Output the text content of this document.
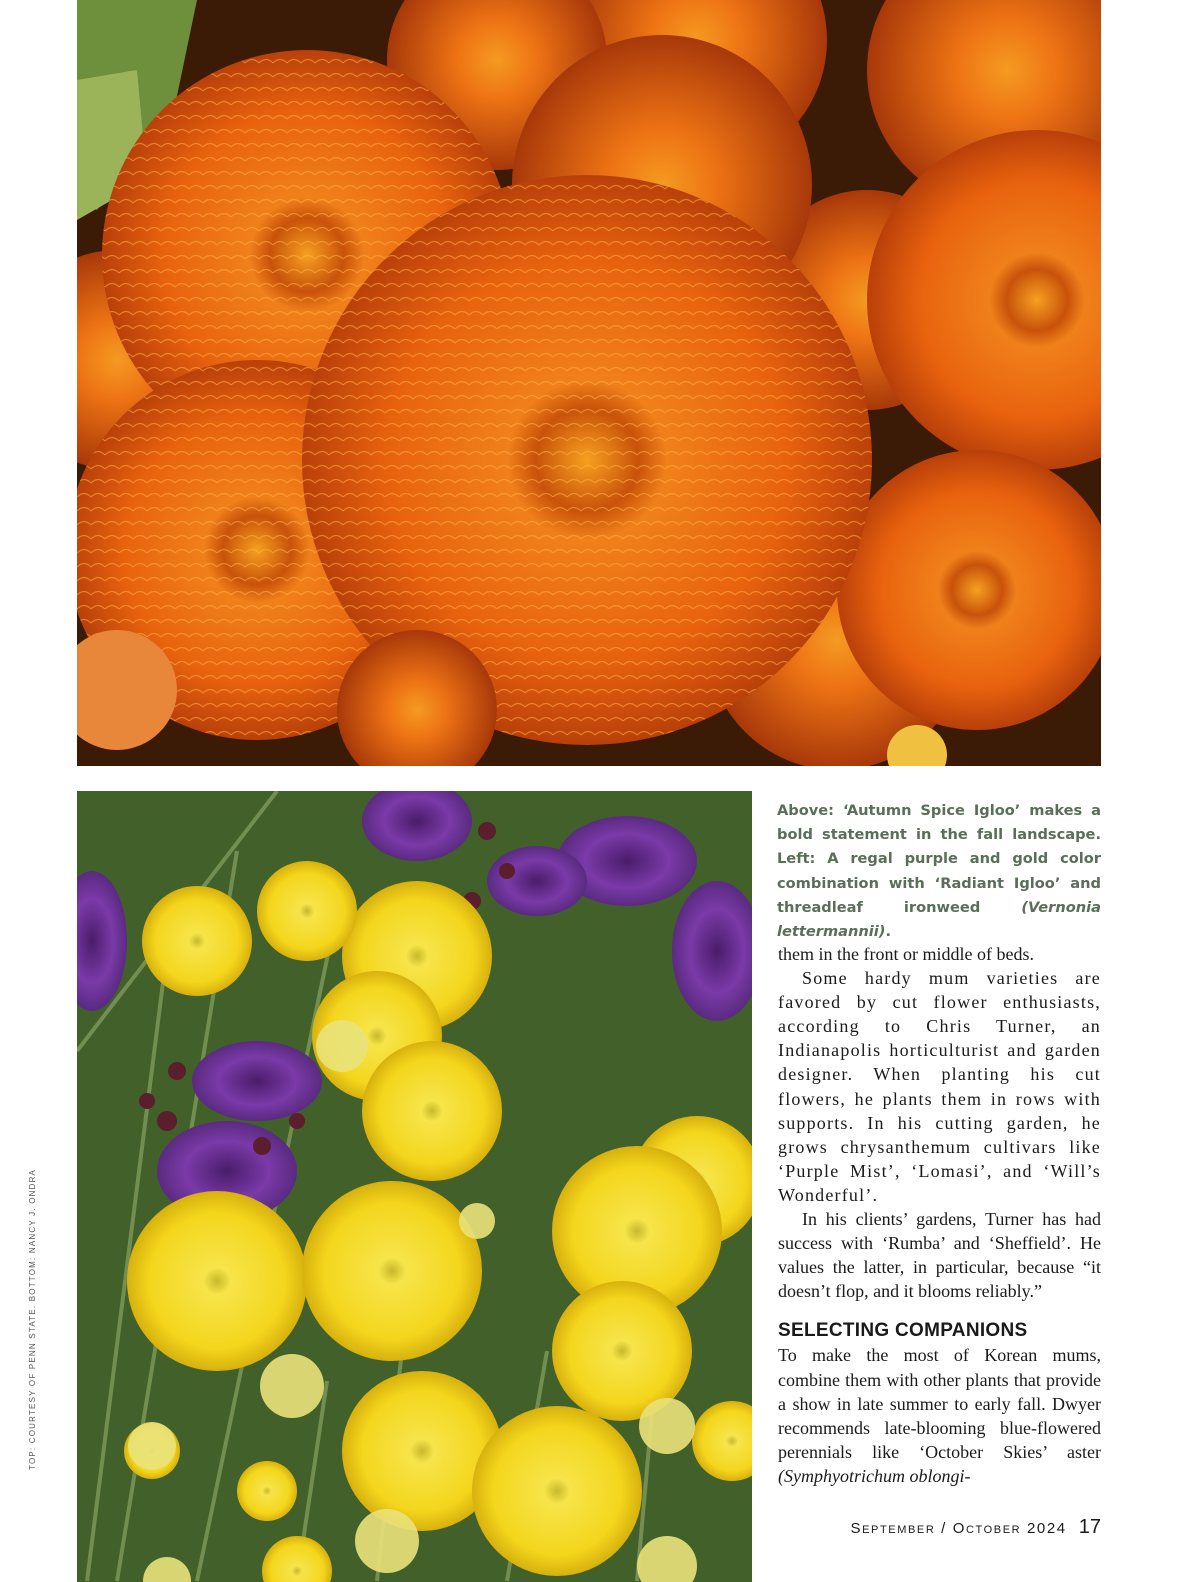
TOP: COURTESY OF PENN STATE. BOTTOM: NANCY J. ONDRA
Above: ‘Autumn Spice Igloo’ makes a bold statement in the fall landscape. Left: A regal purple and gold color combination with ‘Radiant Igloo’ and threadleaf ironweed (Vernonia lettermannii).

them in the front or middle of beds.

Some hardy mum varieties are favored by cut flower enthusiasts, according to Chris Turner, an Indianapolis horticulturist and garden designer. When planting his cut flowers, he plants them in rows with supports. In his cutting garden, he grows chrysanthemum cultivars like ‘Purple Mist’, ‘Lomasi’, and ‘Will’s Wonderful’.

In his clients’ gardens, Turner has had success with ‘Rumba’ and ‘Sheffield’. He values the latter, in particular, because “it doesn’t flop, and it blooms reliably.”

SELECTING COMPANIONS

To make the most of Korean mums, combine them with other plants that provide a show in late summer to early fall. Dwyer recommends late-blooming blue-flowered perennials like ‘October Skies’ aster (Symphyotrichum oblongi-

September / October 2024 17
